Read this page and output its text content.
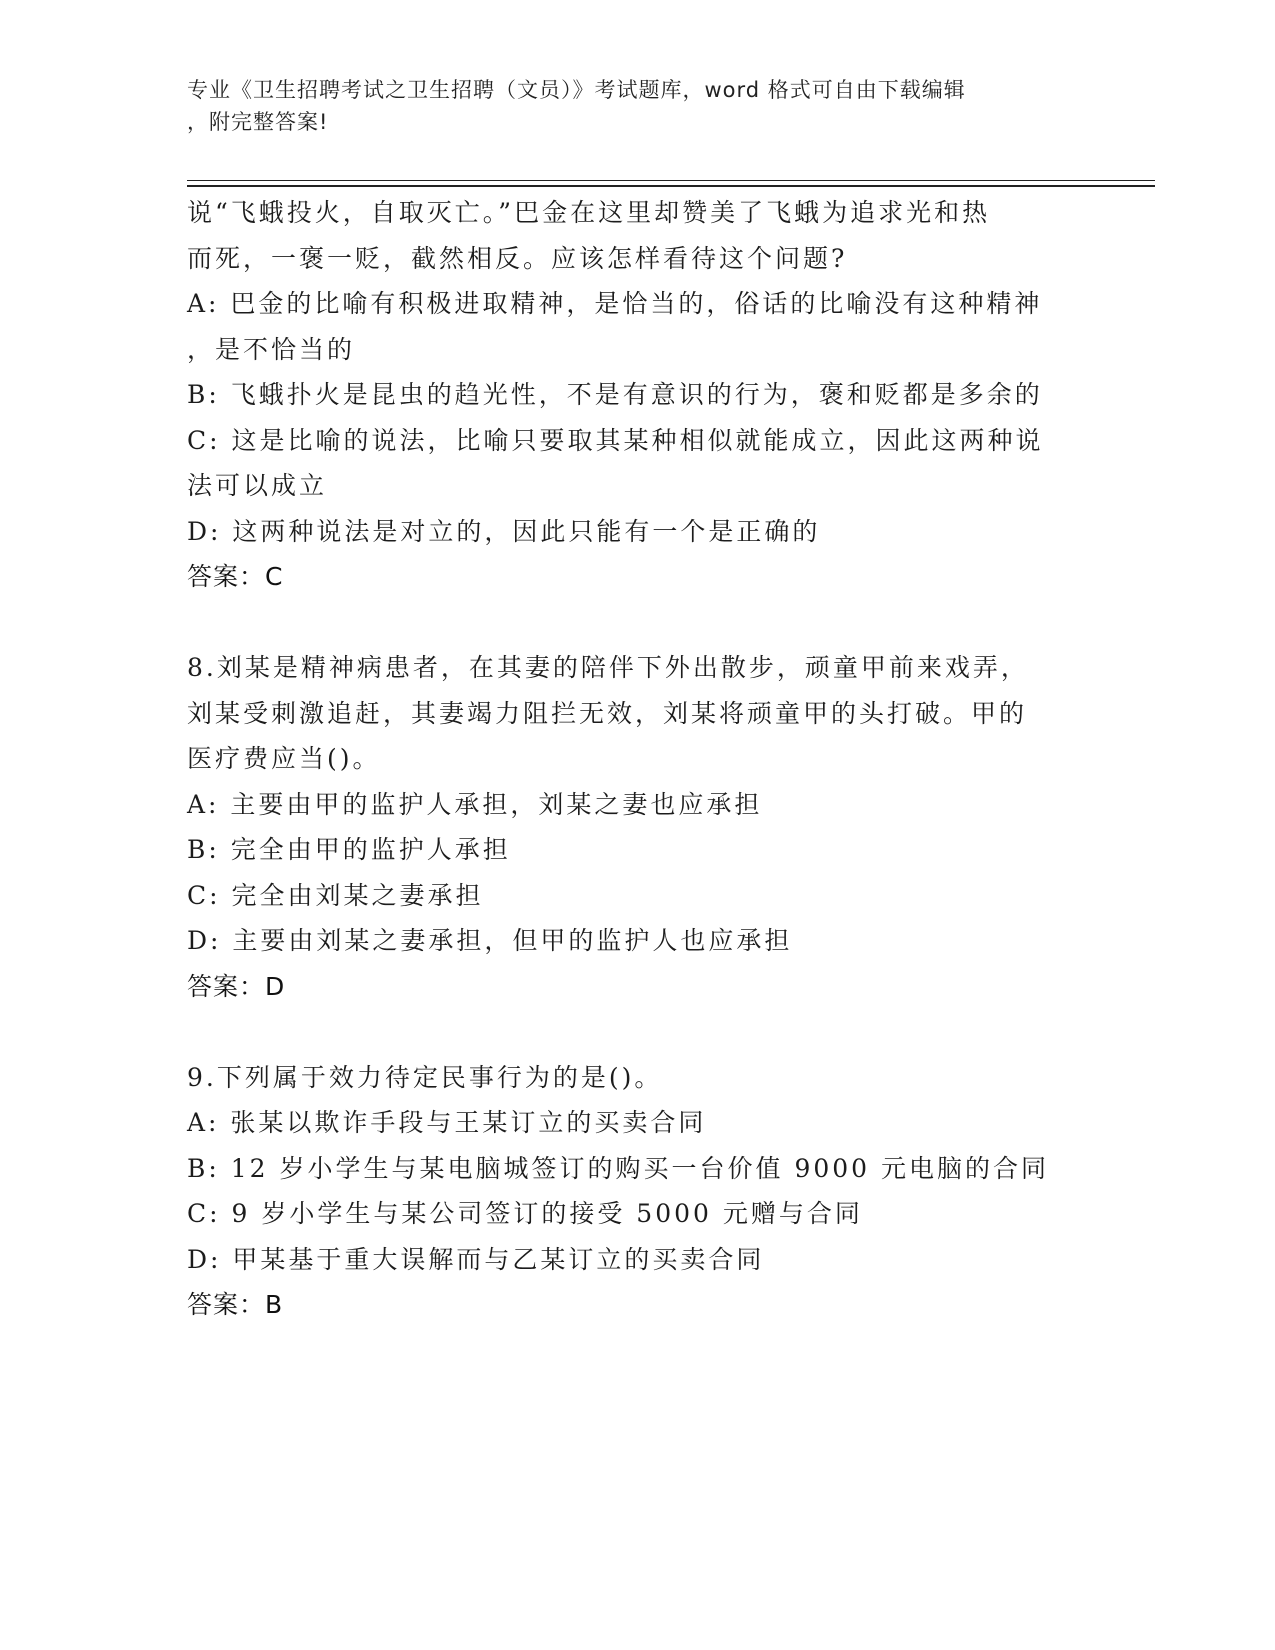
专业《卫生招聘考试之卫生招聘（文员）》考试题库，word 格式可自由下载编辑
，附完整答案!
说“飞蛾投火，自取灭亡。”巴金在这里却赞美了飞蛾为追求光和热
而死，一褒一贬，截然相反。应该怎样看待这个问题?
A: 巴金的比喻有积极进取精神，是恰当的，俗话的比喻没有这种精神
，是不恰当的
B: 飞蛾扑火是昆虫的趋光性，不是有意识的行为，褒和贬都是多余的
C: 这是比喻的说法，比喻只要取其某种相似就能成立，因此这两种说
法可以成立
D: 这两种说法是对立的，因此只能有一个是正确的
答案：C
8.刘某是精神病患者，在其妻的陪伴下外出散步，顽童甲前来戏弄，
刘某受刺激追赶，其妻竭力阻拦无效，刘某将顽童甲的头打破。甲的
医疗费应当()。
A: 主要由甲的监护人承担，刘某之妻也应承担
B: 完全由甲的监护人承担
C: 完全由刘某之妻承担
D: 主要由刘某之妻承担，但甲的监护人也应承担
答案：D
9.下列属于效力待定民事行为的是()。
A: 张某以欺诈手段与王某订立的买卖合同
B: 12 岁小学生与某电脑城签订的购买一台价值 9000 元电脑的合同
C: 9 岁小学生与某公司签订的接受 5000 元赠与合同
D: 甲某基于重大误解而与乙某订立的买卖合同
答案：B
